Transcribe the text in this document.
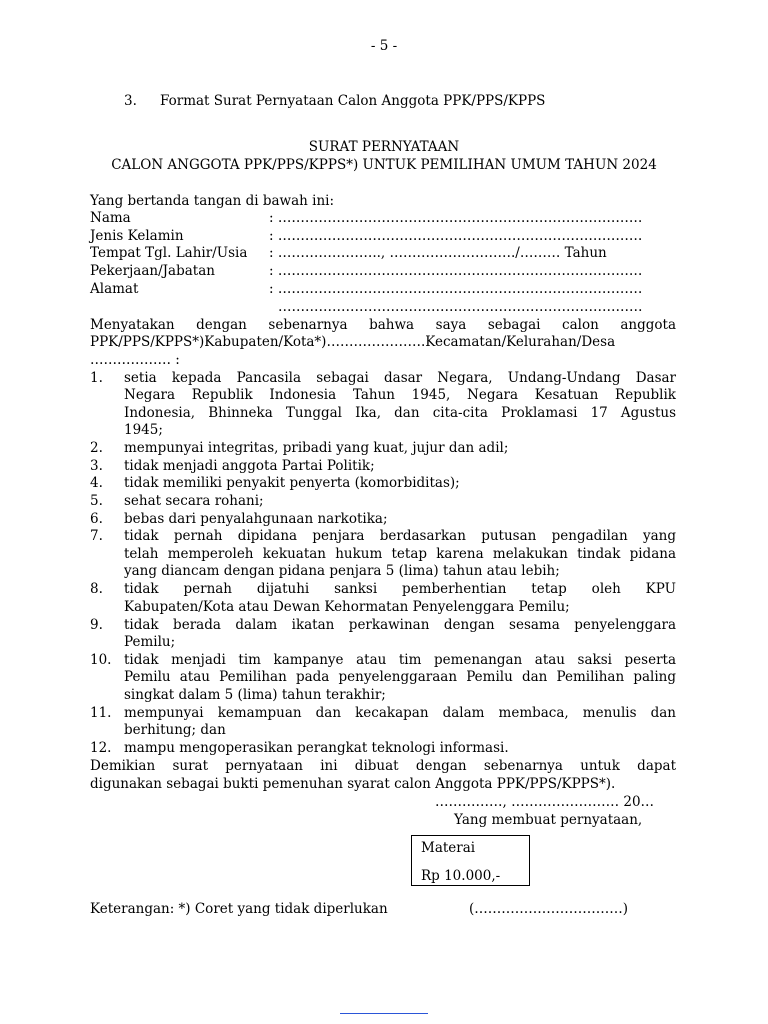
- 5 -
3. Format Surat Pernyataan Calon Anggota PPK/PPS/KPPS
SURAT PERNYATAAN
CALON ANGGOTA PPK/PPS/KPPS*) UNTUK PEMILIHAN UMUM TAHUN 2024
Yang bertanda tangan di bawah ini:
Nama	: ………………………………………………………………………
Jenis Kelamin	: ………………………………………………………………………
Tempat Tgl. Lahir/Usia : ………………….., ………………………./……… Tahun
Pekerjaan/Jabatan	: ………………………………………………………………………
Alamat	: ………………………………………………………………………
………………………………………………………………………
Menyatakan dengan sebenarnya bahwa saya sebagai calon anggota
PPK/PPS/KPPS*)Kabupaten/Kota*)………………….Kecamatan/Kelurahan/Desa
……………… :
1. setia kepada Pancasila sebagai dasar Negara, Undang-Undang Dasar
Negara Republik Indonesia Tahun 1945, Negara Kesatuan Republik
Indonesia, Bhinneka Tunggal Ika, dan cita-cita Proklamasi 17 Agustus
1945;
2. mempunyai integritas, pribadi yang kuat, jujur dan adil;
3. tidak menjadi anggota Partai Politik;
4. tidak memiliki penyakit penyerta (komorbiditas);
5. sehat secara rohani;
6. bebas dari penyalahgunaan narkotika;
7. tidak pernah dipidana penjara berdasarkan putusan pengadilan yang
telah memperoleh kekuatan hukum tetap karena melakukan tindak pidana
yang diancam dengan pidana penjara 5 (lima) tahun atau lebih;
8. tidak pernah dijatuhi sanksi pemberhentian tetap oleh KPU
Kabupaten/Kota atau Dewan Kehormatan Penyelenggara Pemilu;
9. tidak berada dalam ikatan perkawinan dengan sesama penyelenggara
Pemilu;
10. tidak menjadi tim kampanye atau tim pemenangan atau saksi peserta
Pemilu atau Pemilihan pada penyelenggaraan Pemilu dan Pemilihan paling
singkat dalam 5 (lima) tahun terakhir;
11. mempunyai kemampuan dan kecakapan dalam membaca, menulis dan
berhitung; dan
12. mampu mengoperasikan perangkat teknologi informasi.
Demikian surat pernyataan ini dibuat dengan sebenarnya untuk dapat
digunakan sebagai bukti pemenuhan syarat calon Anggota PPK/PPS/KPPS*).
……………, …………………… 20…
Yang membuat pernyataan,
Materai
Rp 10.000,-
Keterangan: *) Coret yang tidak diperlukan	(……………………………)
